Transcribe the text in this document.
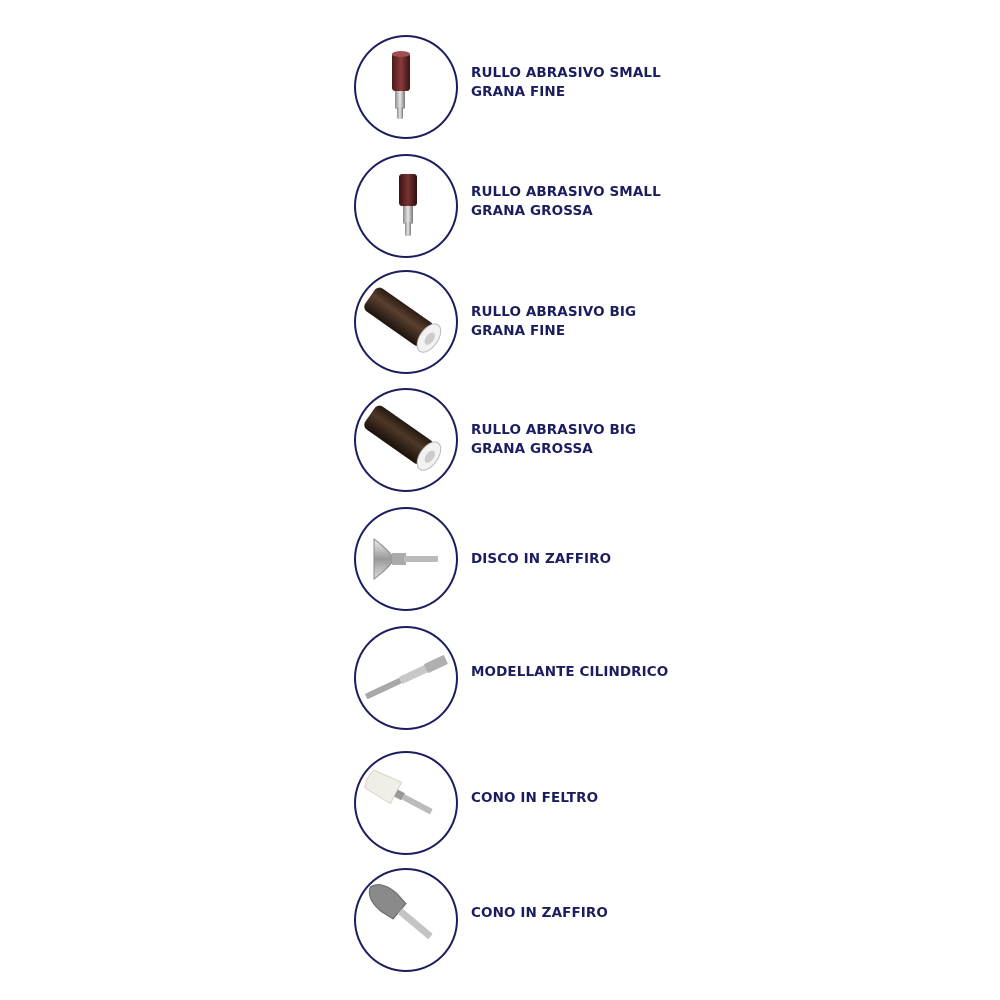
RULLO ABRASIVO SMALL
GRANA FINE
RULLO ABRASIVO SMALL
GRANA GROSSA
RULLO ABRASIVO BIG
GRANA FINE
RULLO ABRASIVO BIG
GRANA GROSSA
DISCO IN ZAFFIRO
MODELLANTE CILINDRICO
CONO IN FELTRO
CONO IN ZAFFIRO
